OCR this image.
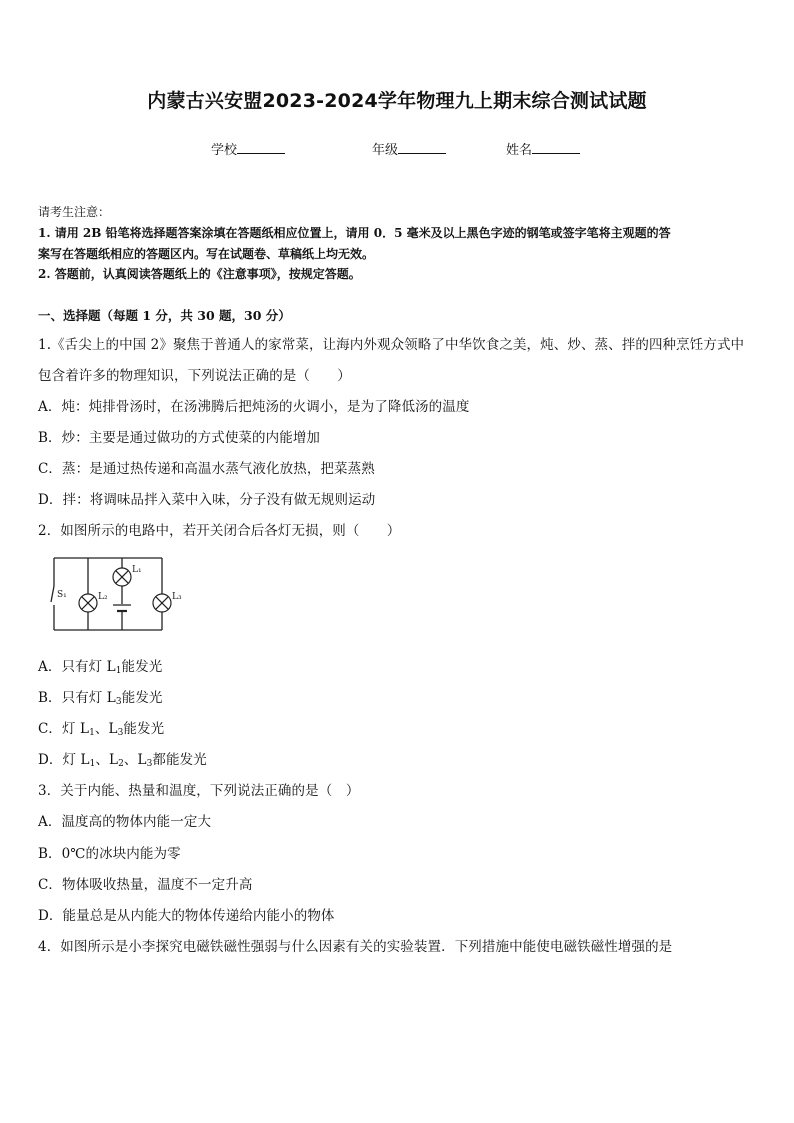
内蒙古兴安盟2023-2024学年物理九上期末综合测试试题
学校	年级	姓名
请考生注意：
1. 请用 2B 铅笔将选择题答案涂填在答题纸相应位置上，请用 0．5 毫米及以上黑色字迹的钢笔或签字笔将主观题的答
案写在答题纸相应的答题区内。写在试题卷、草稿纸上均无效。
2. 答题前，认真阅读答题纸上的《注意事项》，按规定答题。
一、选择题（每题 1 分，共 30 题，30 分）
1.《舌尖上的中国 2》聚焦于普通人的家常菜，让海内外观众领略了中华饮食之美，炖、炒、蒸、拌的四种烹饪方式中
包含着许多的物理知识，下列说法正确的是（　　）
A．炖：炖排骨汤时，在汤沸腾后把炖汤的火调小，是为了降低汤的温度
B．炒：主要是通过做功的方式使菜的内能增加
C．蒸：是通过热传递和高温水蒸气液化放热，把菜蒸熟
D．拌：将调味品拌入菜中入味，分子没有做无规则运动
2．如图所示的电路中，若开关闭合后各灯无损，则（　　）
S₁
L₁
L₂	L₃
A．只有灯 $L_1$能发光
B．只有灯 $L_3$能发光
C．灯 $L_1$、$L_3$能发光
D．灯 $L_1$、$L_2$、$L_3$都能发光
3．关于内能、热量和温度，下列说法正确的是（　）
A．温度高的物体内能一定大
B．0℃的冰块内能为零
C．物体吸收热量，温度不一定升高
D．能量总是从内能大的物体传递给内能小的物体
4．如图所示是小李探究电磁铁磁性强弱与什么因素有关的实验装置．下列措施中能使电磁铁磁性增强的是
